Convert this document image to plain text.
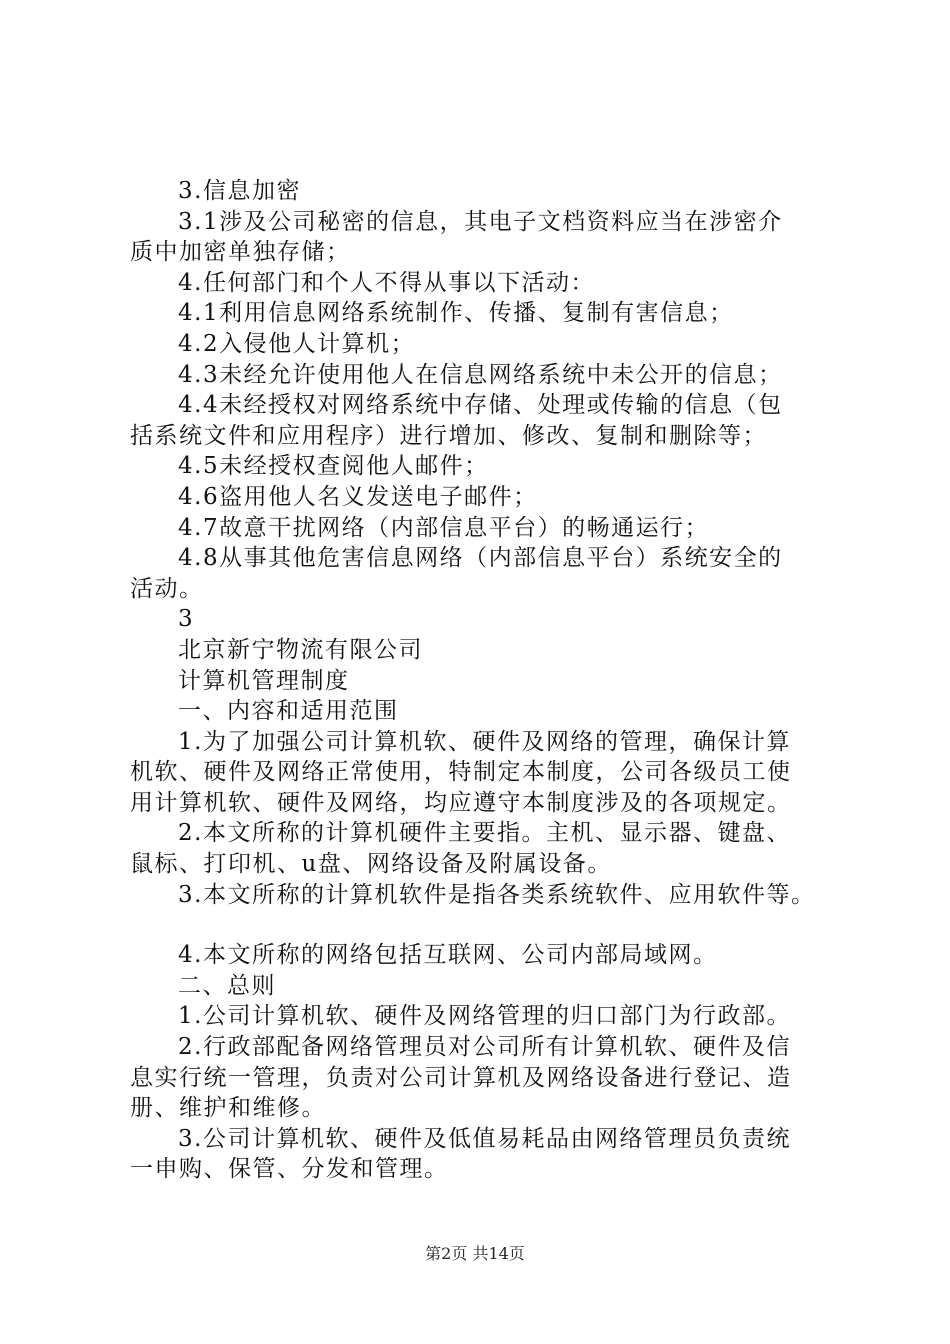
3.信息加密
3.1涉及公司秘密的信息，其电子文档资料应当在涉密介
质中加密单独存储；
4.任何部门和个人不得从事以下活动：
4.1利用信息网络系统制作、传播、复制有害信息；
4.2入侵他人计算机；
4.3未经允许使用他人在信息网络系统中未公开的信息；
4.4未经授权对网络系统中存储、处理或传输的信息（包
括系统文件和应用程序）进行增加、修改、复制和删除等；
4.5未经授权查阅他人邮件；
4.6盗用他人名义发送电子邮件；
4.7故意干扰网络（内部信息平台）的畅通运行；
4.8从事其他危害信息网络（内部信息平台）系统安全的
活动。
3
北京新宁物流有限公司
计算机管理制度
一、内容和适用范围
1.为了加强公司计算机软、硬件及网络的管理，确保计算
机软、硬件及网络正常使用，特制定本制度，公司各级员工使
用计算机软、硬件及网络，均应遵守本制度涉及的各项规定。
2.本文所称的计算机硬件主要指。主机、显示器、键盘、
鼠标、打印机、u盘、网络设备及附属设备。
3.本文所称的计算机软件是指各类系统软件、应用软件等。
4.本文所称的网络包括互联网、公司内部局域网。
二、总则
1.公司计算机软、硬件及网络管理的归口部门为行政部。
2.行政部配备网络管理员对公司所有计算机软、硬件及信
息实行统一管理，负责对公司计算机及网络设备进行登记、造
册、维护和维修。
3.公司计算机软、硬件及低值易耗品由网络管理员负责统
一申购、保管、分发和管理。
第2页 共14页
